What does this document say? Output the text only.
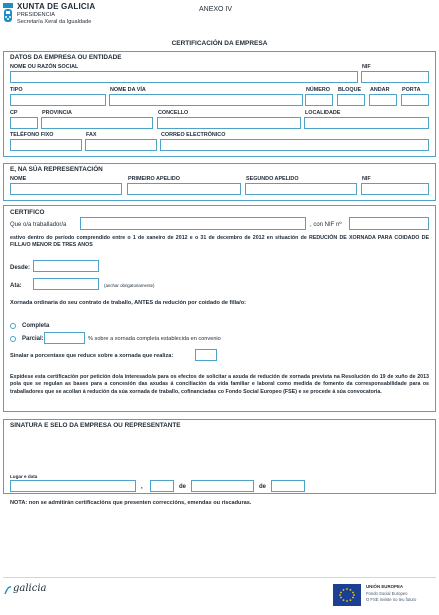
XUNTA DE GALICIA
PRESIDENCIA
Secretaría Xeral da Igualdade
ANEXO IV
CERTIFICACIÓN DA EMPRESA
DATOS DA EMPRESA OU ENTIDADE
NOME OU RAZÓN SOCIAL	NIF
TIPO	NOME DA VÍA	NÚMERO BLOQUE ANDAR PORTA
CP	PROVINCIA	CONCELLO	LOCALIDADE
TELÉFONO FIXO	FAX	CORREO ELECTRÓNICO
E, NA SÚA REPRESENTACIÓN
NOME	PRIMEIRO APELIDO	SEGUNDO APELIDO	NIF
CERTIFICO
Que o/a traballador/a	, con NIF nº
estivo dentro do período comprendido entre o 1 de xaneiro de 2012 e o 31 de decembro de 2012 en situación de REDUCIÓN DE XORNADA PARA COIDADO DE FILLA/O MENOR DE TRES ANOS
Desde:
Ata:	(anchar obrigatoriamente)
Xornada ordinaria do seu contrato de traballo, ANTES da redución por coidado de filla/o:
Completa
Parcial:	% sobre a xornada completa establecida en convenio
Sinalar a porcentaxe que reduce sobre a xornada que realiza:
Expídese esta certificación por petición do/a interesado/a para os efectos de solicitar a axuda de redución de xornada prevista na Resolución do 19 de xuño de 2013 pola que se regulan as bases para a concesión das axudas á conciliación da vida familiar e laboral como medida de fomento da corresponsabilidade para os traballadores que se acollan á redución da súa xornada de traballo, cofinanciadas co Fondo Social Europeo (FSE) e se procede á súa convocatoria.
SINATURA E SELO DA EMPRESA OU REPRESENTANTE
Lugar e data
,	de	de
NOTA: non se admitirán certificacións que presenten correccións, emendas ou riscaduras.
galicia	UNIÓN EUROPEA
Fondo Social Europeo
O FSE inviste no teu futuro
